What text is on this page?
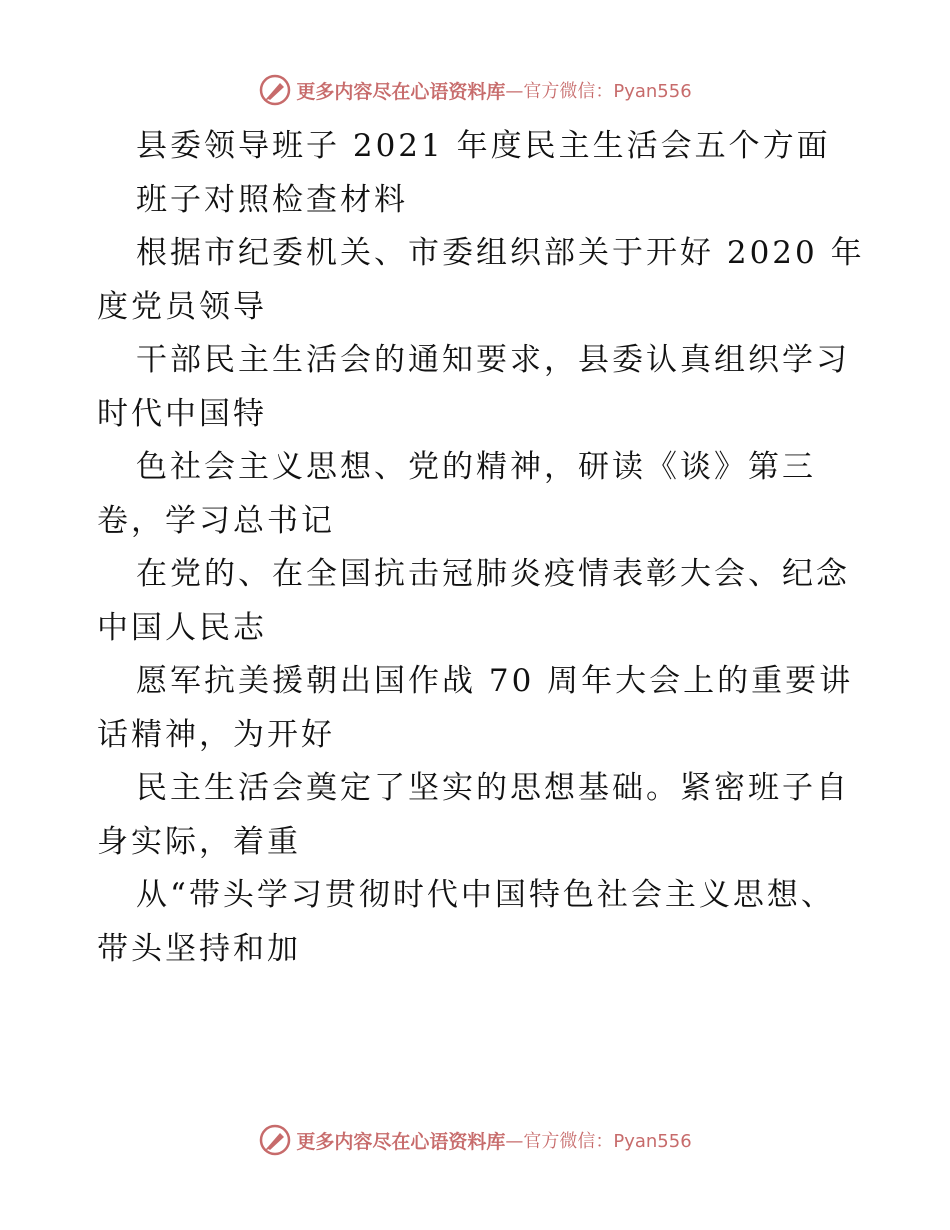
更多内容尽在心语资料库 —官方微信：Pyan556
县委领导班子 2021 年度民主生活会五个方面
班子对照检查材料
根据市纪委机关、市委组织部关于开好 2020 年
度党员领导
干部民主生活会的通知要求，县委认真组织学习
时代中国特
色社会主义思想、党的精神，研读《谈》第三
卷，学习总书记
在党的、在全国抗击冠肺炎疫情表彰大会、纪念
中国人民志
愿军抗美援朝出国作战 70 周年大会上的重要讲
话精神，为开好
民主生活会奠定了坚实的思想基础。紧密班子自
身实际，着重
从“带头学习贯彻时代中国特色社会主义思想、
带头坚持和加
更多内容尽在心语资料库 —官方微信：Pyan556
